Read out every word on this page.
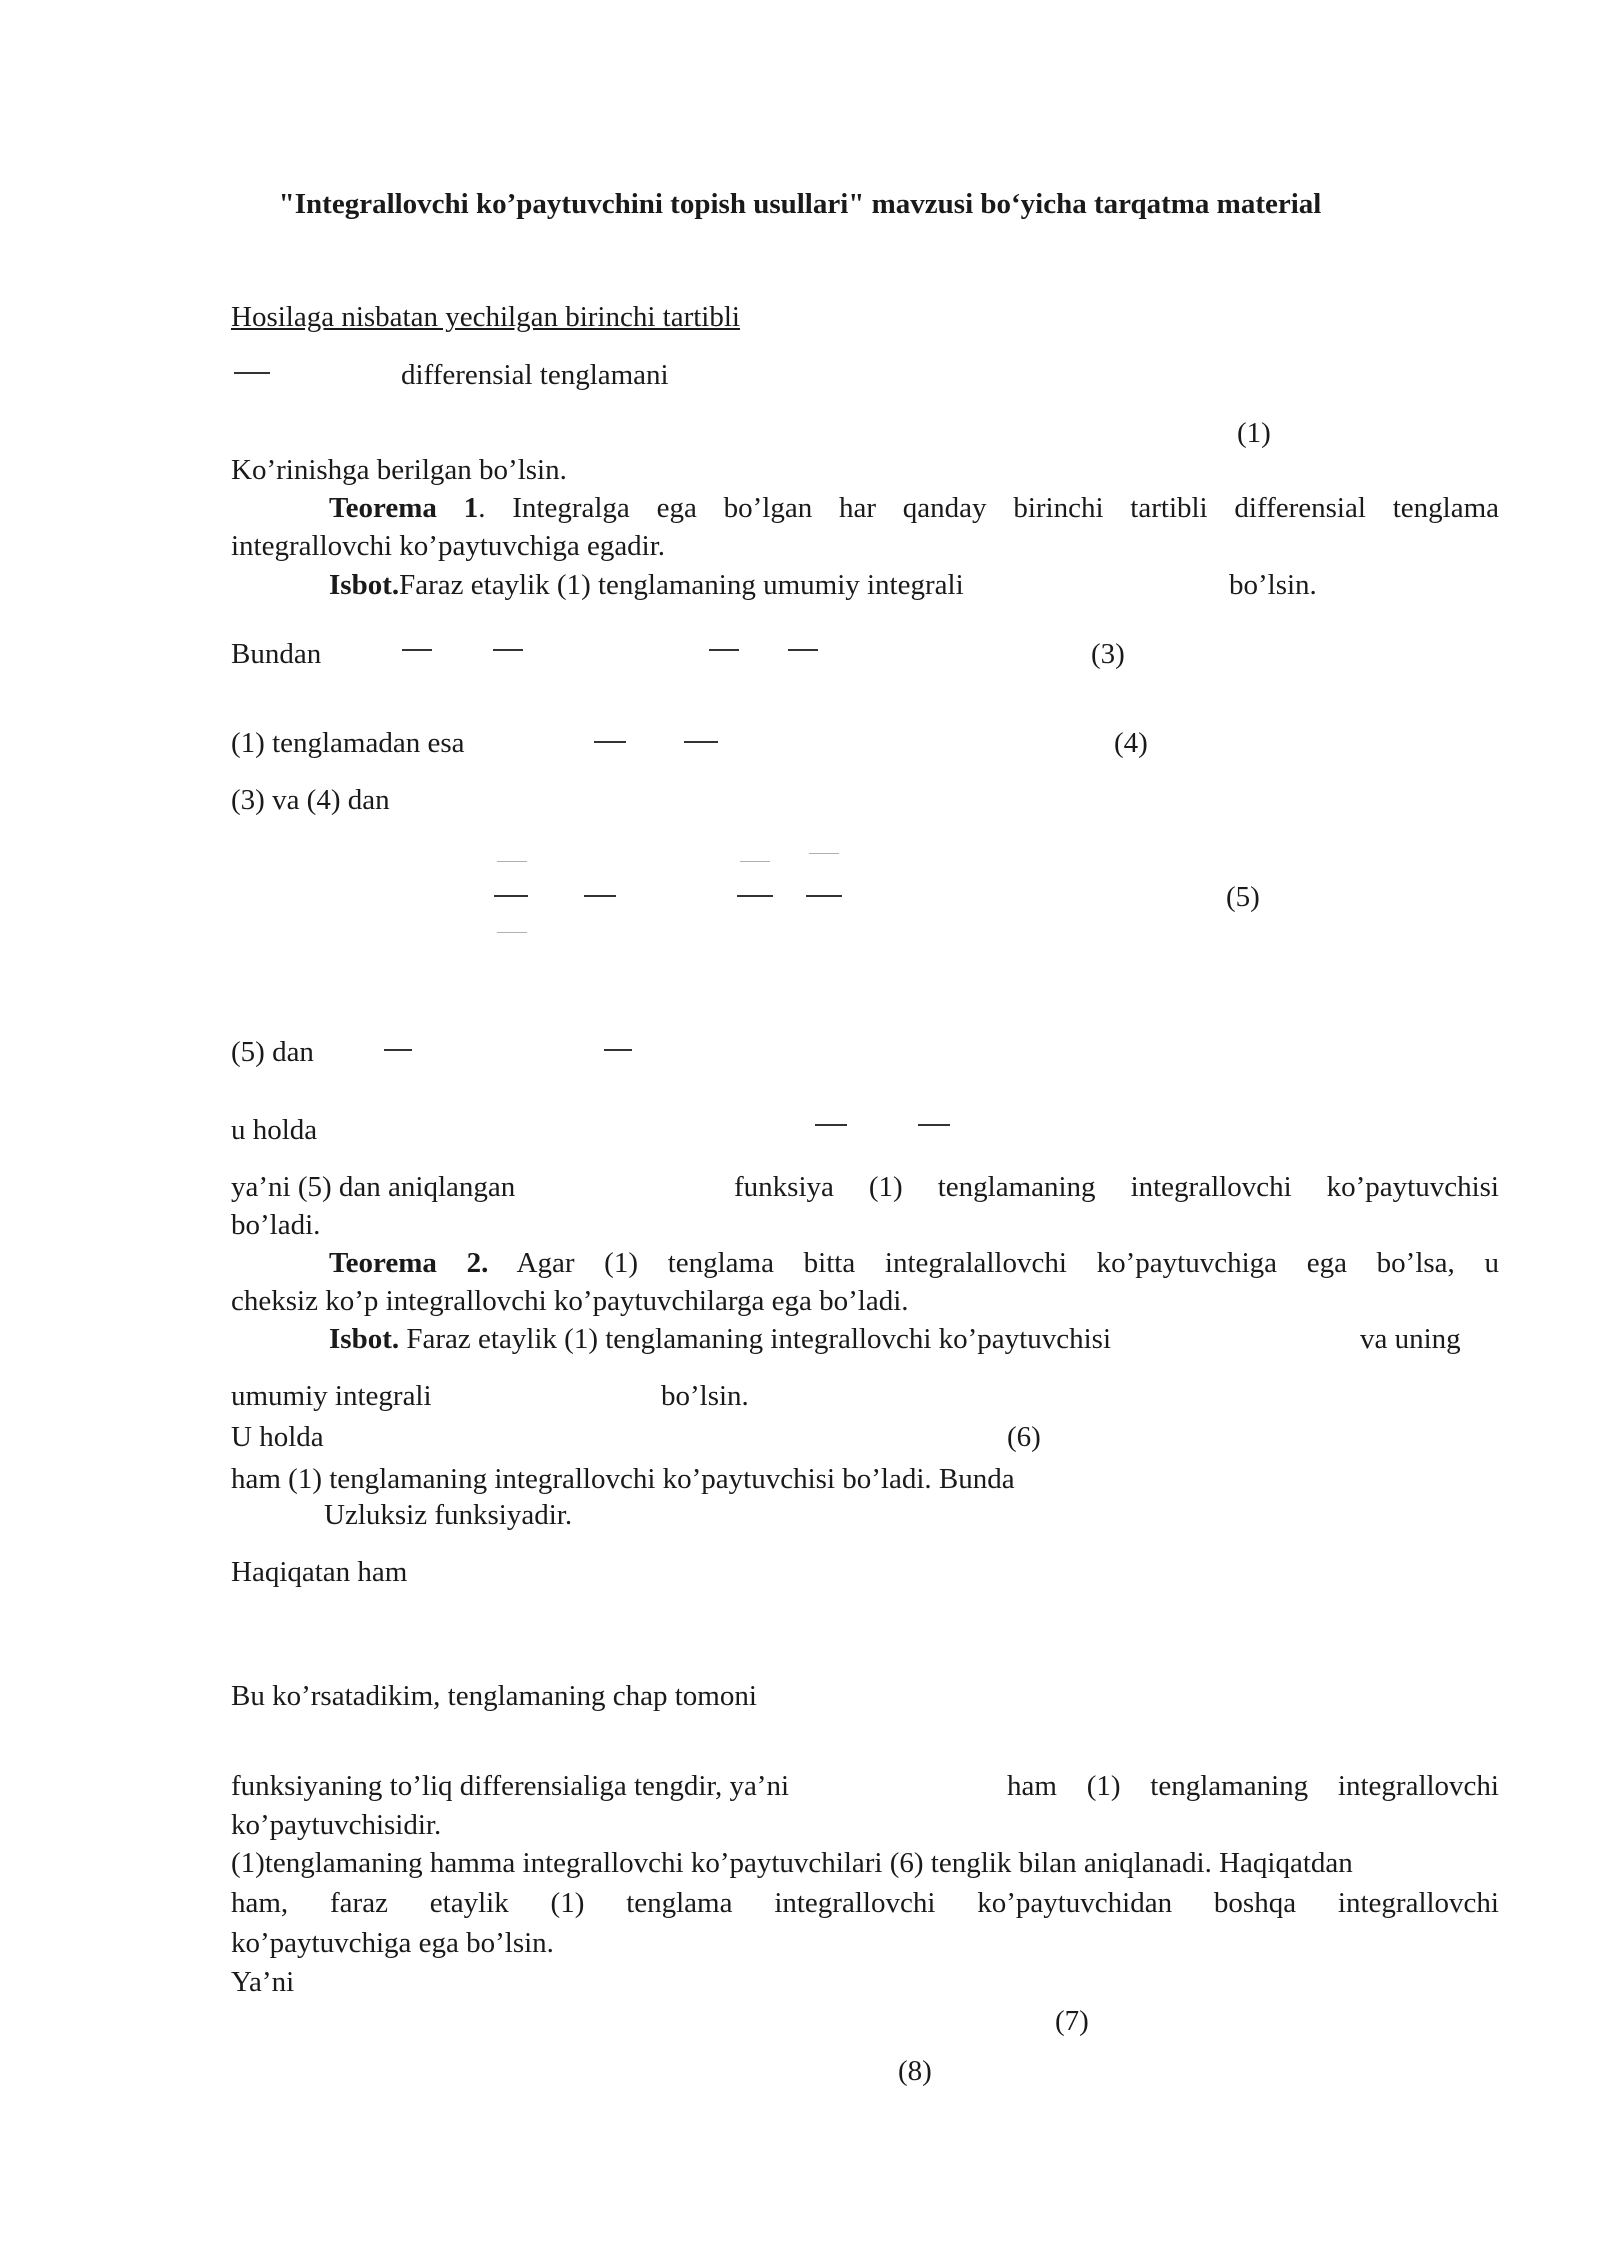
"Integrallovchi ko’paytuvchini topish usullari" mavzusi bo‘yicha tarqatma material
Hosilaga nisbatan yechilgan birinchi tartibli
differensial tenglamani
(1)
Ko’rinishga berilgan bo’lsin.
Teorema 1. Integralga ega bo’lgan har qanday birinchi tartibli differensial tenglama
integrallovchi ko’paytuvchiga egadir.
Isbot.Faraz etaylik (1) tenglamaning umumiy integrali	bo’lsin.
Bundan	(3)
(1) tenglamadan esa	(4)
(3) va (4) dan
(5)
(5) dan
u holda
ya’ni (5) dan aniqlangan	funksiya (1) tenglamaning integrallovchi ko’paytuvchisi
bo’ladi.
Teorema 2. Agar (1) tenglama bitta integralallovchi ko’paytuvchiga ega bo’lsa, u
cheksiz ko’p integrallovchi ko’paytuvchilarga ega bo’ladi.
Isbot. Faraz etaylik (1) tenglamaning integrallovchi ko’paytuvchisi	va uning
umumiy integrali	bo’lsin.
U holda	(6)
ham (1) tenglamaning integrallovchi ko’paytuvchisi bo’ladi. Bunda
Uzluksiz funksiyadir.
Haqiqatan ham
Bu ko’rsatadikim, tenglamaning chap tomoni
funksiyaning to’liq differensialiga tengdir, ya’ni	ham (1) tenglamaning integrallovchi
ko’paytuvchisidir.
(1)tenglamaning hamma integrallovchi ko’paytuvchilari (6) tenglik bilan aniqlanadi. Haqiqatdan
ham, faraz etaylik (1) tenglama integrallovchi ko’paytuvchidan boshqa integrallovchi
ko’paytuvchiga ega bo’lsin.
Ya’ni
(7)
(8)
